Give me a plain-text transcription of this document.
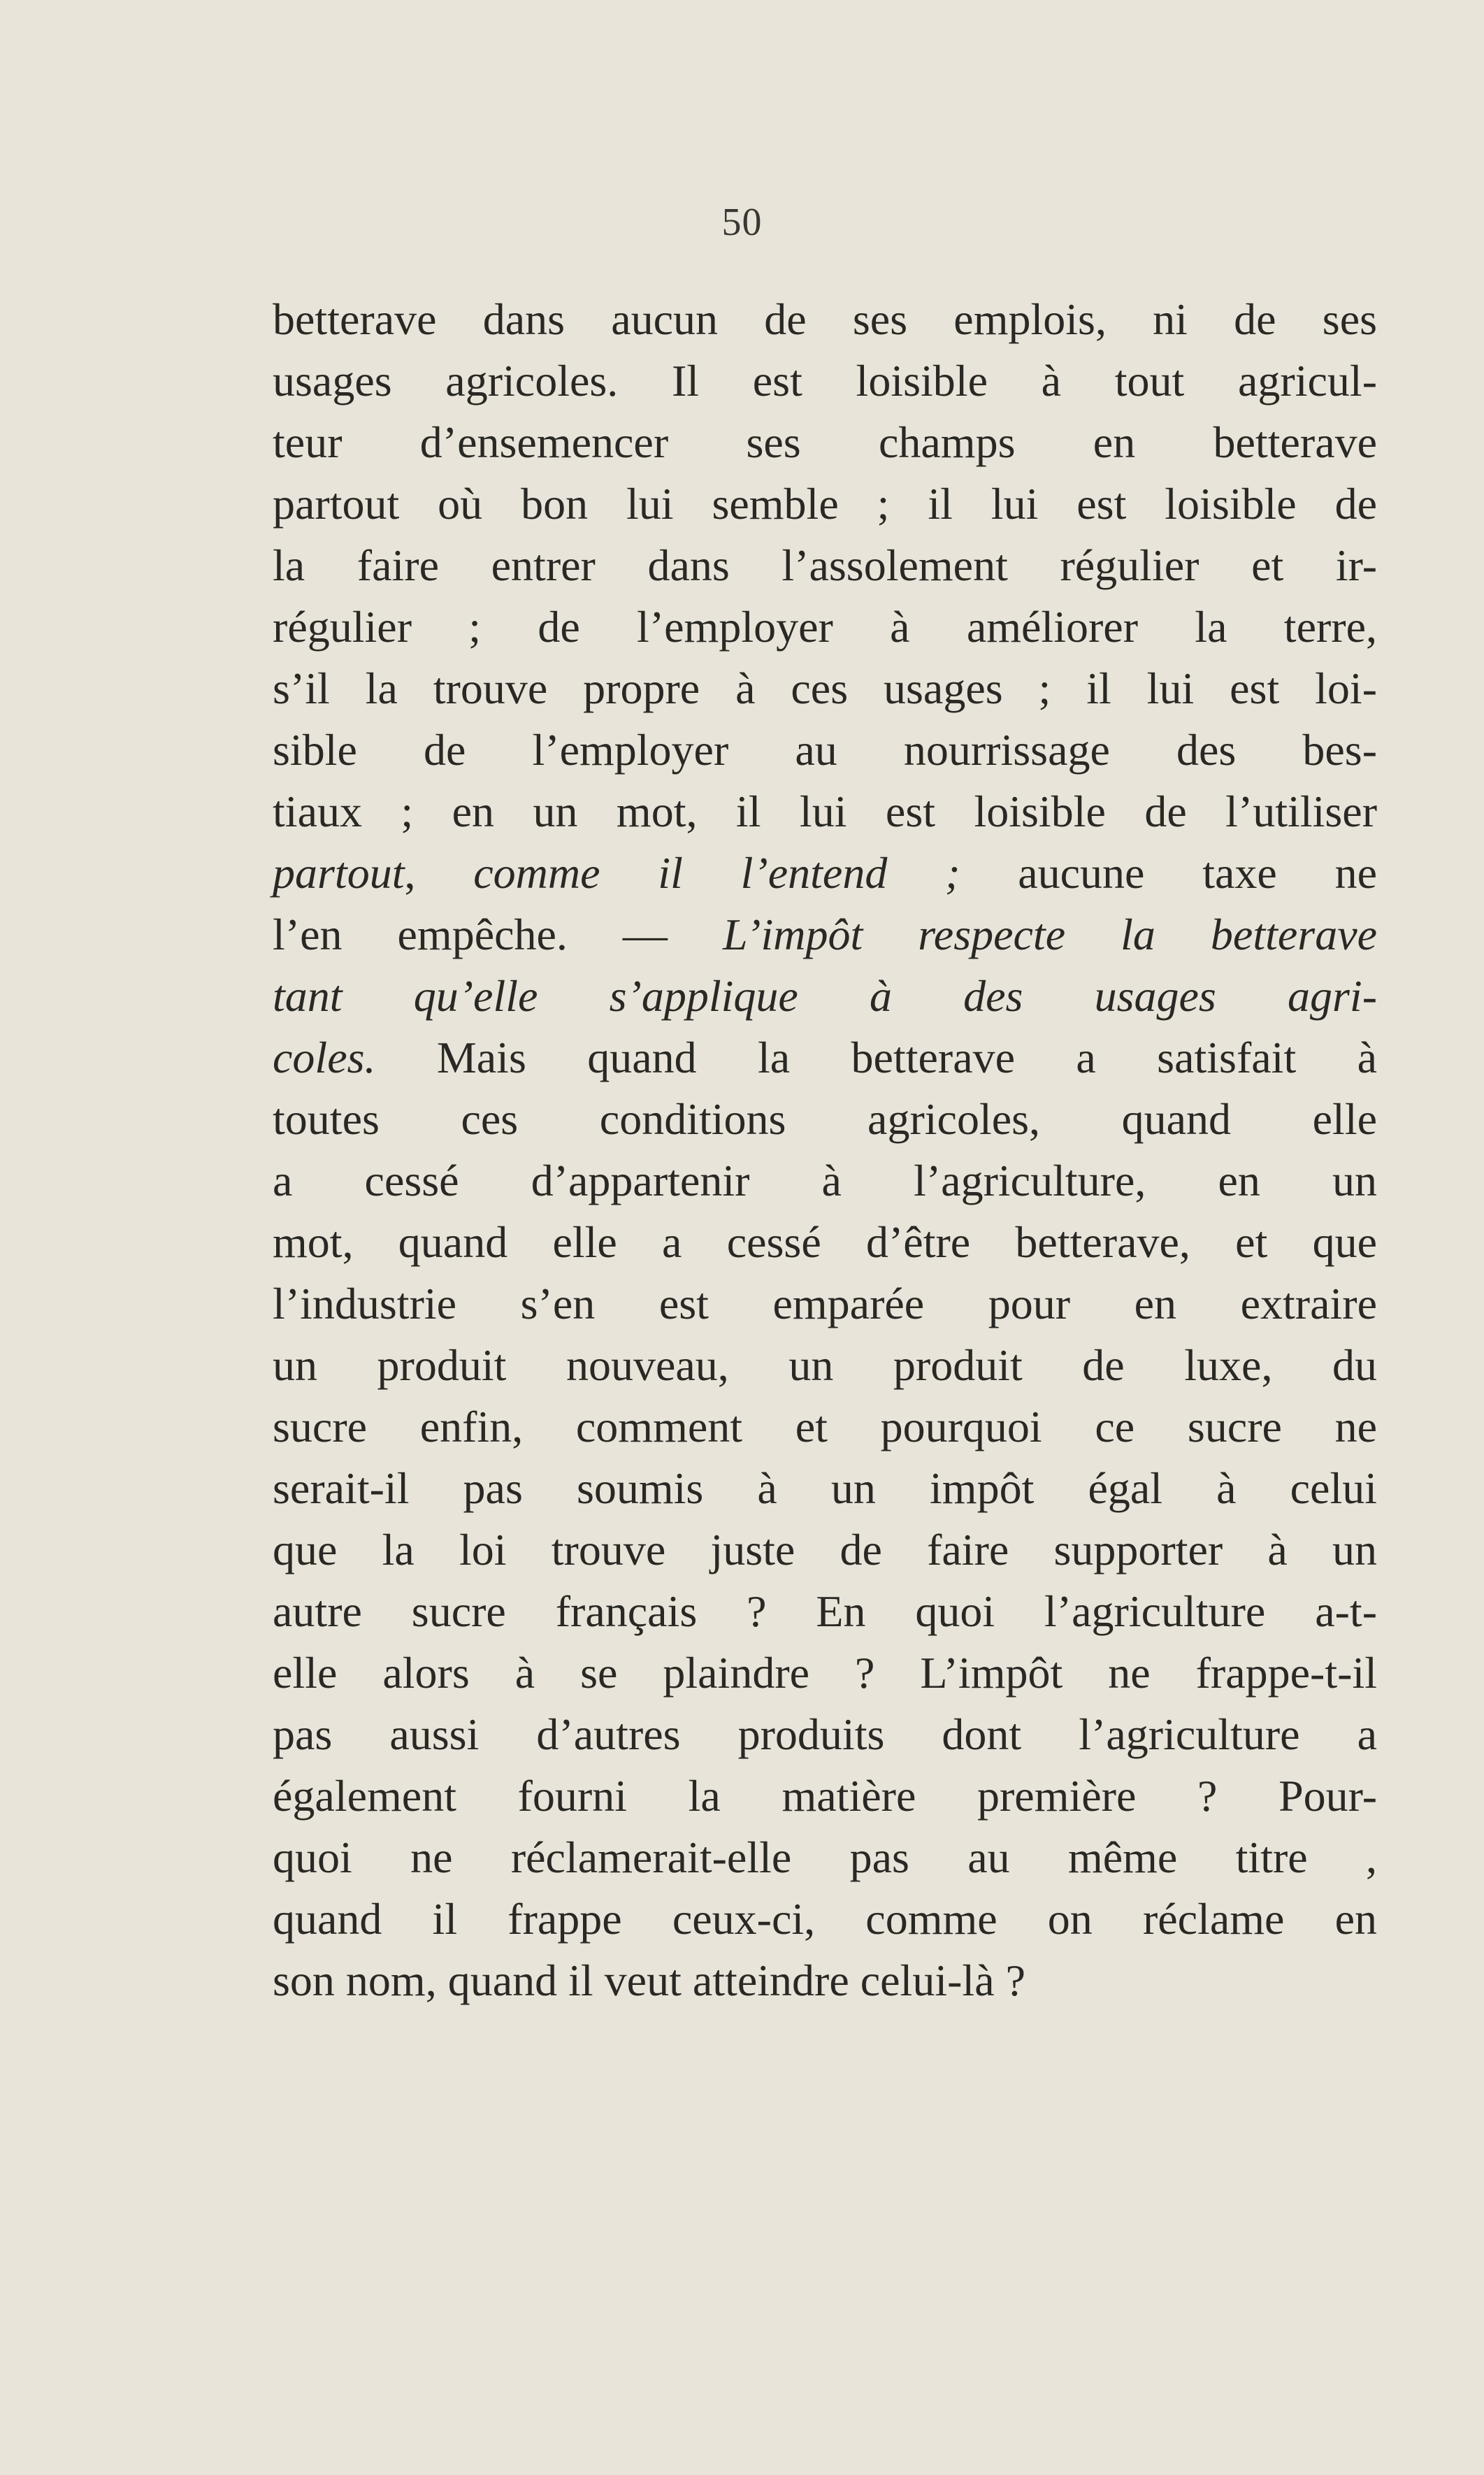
50
betterave dans aucun de ses emplois, ni de ses
usages agricoles. Il est loisible à tout agricul-
teur d’ensemencer ses champs en betterave
partout où bon lui semble ; il lui est loisible de
la faire entrer dans l’assolement régulier et ir-
régulier ; de l’employer à améliorer la terre,
s’il la trouve propre à ces usages ; il lui est loi-
sible de l’employer au nourrissage des bes-
tiaux ; en un mot, il lui est loisible de l’utiliser
partout, comme il l’entend ; aucune taxe ne
l’en empêche. — L’impôt respecte la betterave
tant qu’elle s’applique à des usages agri-
coles. Mais quand la betterave a satisfait à
toutes ces conditions agricoles, quand elle
a cessé d’appartenir à l’agriculture, en un
mot, quand elle a cessé d’être betterave, et que
l’industrie s’en est emparée pour en extraire
un produit nouveau, un produit de luxe, du
sucre enfin, comment et pourquoi ce sucre ne
serait-il pas soumis à un impôt égal à celui
que la loi trouve juste de faire supporter à un
autre sucre français ? En quoi l’agriculture a-t-
elle alors à se plaindre ? L’impôt ne frappe-t-il
pas aussi d’autres produits dont l’agriculture a
également fourni la matière première ? Pour-
quoi ne réclamerait-elle pas au même titre ,
quand il frappe ceux-ci, comme on réclame en
son nom, quand il veut atteindre celui-là ?
